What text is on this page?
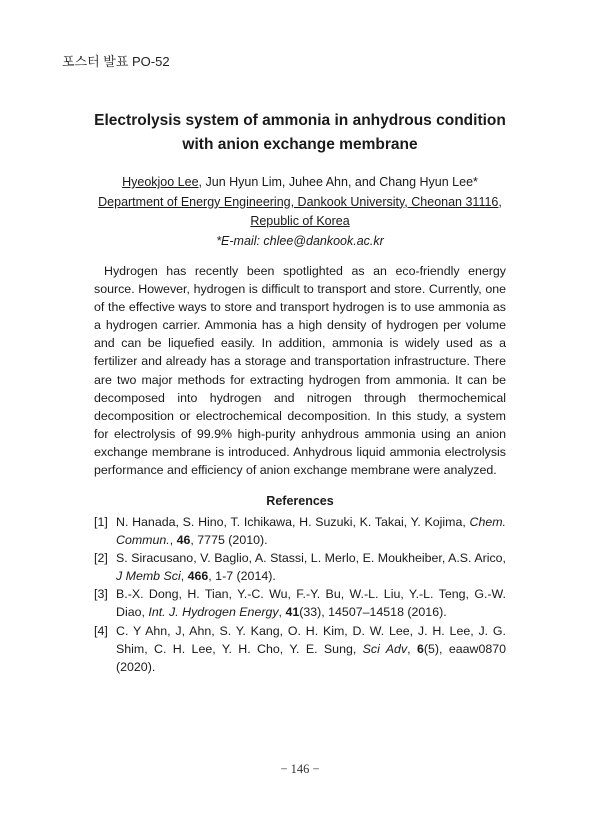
포스터 발표 PO-52
Electrolysis system of ammonia in anhydrous condition
with anion exchange membrane
Hyeokjoo Lee, Jun Hyun Lim, Juhee Ahn, and Chang Hyun Lee*
Department of Energy Engineering, Dankook University, Cheonan 31116,
Republic of Korea
*E-mail: chlee@dankook.ac.kr

Hydrogen has recently been spotlighted as an eco-friendly energy source. However, hydrogen is difficult to transport and store. Currently, one of the effective ways to store and transport hydrogen is to use ammonia as a hydrogen carrier. Ammonia has a high density of hydrogen per volume and can be liquefied easily. In addition, ammonia is widely used as a fertilizer and already has a storage and transportation infrastructure. There are two major methods for extracting hydrogen from ammonia. It can be decomposed into hydrogen and nitrogen through thermochemical decomposition or electrochemical decomposition. In this study, a system for electrolysis of 99.9% high-purity anhydrous ammonia using an anion exchange membrane is introduced. Anhydrous liquid ammonia electrolysis performance and efficiency of anion exchange membrane were analyzed.

References
[1] N. Hanada, S. Hino, T. Ichikawa, H. Suzuki, K. Takai, Y. Kojima, Chem. Commun., 46, 7775 (2010).
[2] S. Siracusano, V. Baglio, A. Stassi, L. Merlo, E. Moukheiber, A.S. Arico, J Memb Sci, 466, 1-7 (2014).
[3] B.-X. Dong, H. Tian, Y.-C. Wu, F.-Y. Bu, W.-L. Liu, Y.-L. Teng, G.-W. Diao, Int. J. Hydrogen Energy, 41(33), 14507–14518 (2016).
[4] C. Y Ahn, J, Ahn, S. Y. Kang, O. H. Kim, D. W. Lee, J. H. Lee, J. G. Shim, C. H. Lee, Y. H. Cho, Y. E. Sung, Sci Adv, 6(5), eaaw0870 (2020).
− 146 −
